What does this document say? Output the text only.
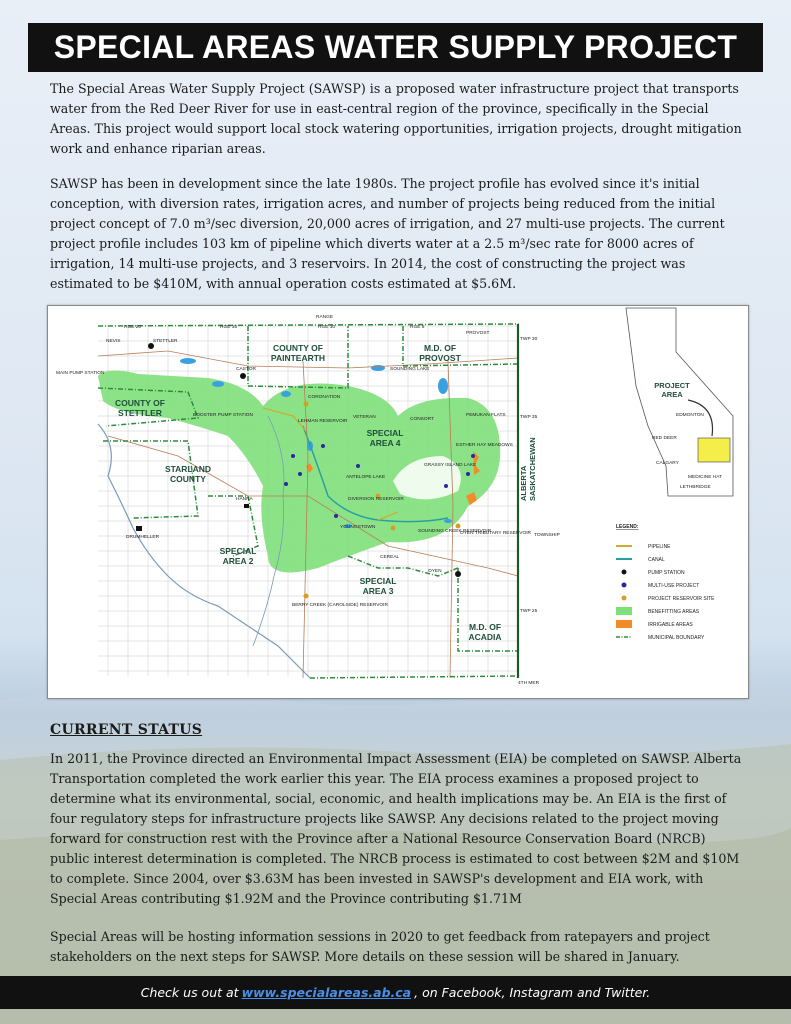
SPECIAL AREAS WATER SUPPLY PROJECT

The Special Areas Water Supply Project (SAWSP) is a proposed water infrastructure project that transports water from the Red Deer River for use in east-central region of the province, specifically in the Special Areas. This project would support local stock watering opportunities, irrigation projects, drought mitigation work and enhance riparian areas.

SAWSP has been in development since the late 1980s. The project profile has evolved since it's initial conception, with diversion rates, irrigation acres, and number of projects being reduced from the initial project concept of 7.0 m³/sec diversion, 20,000 acres of irrigation, and 27 multi-use projects. The current project profile includes 103 km of pipeline which diverts water at a 2.5 m³/sec rate for 8000 acres of irrigation, 14 multi-use projects, and 3 reservoirs. In 2014, the cost of constructing the project was estimated to be $410M, with annual operation costs estimated at $5.6M.

COUNTY OF PAINTEARTH
M.D. OF PROVOST
COUNTY OF STETTLER
STARLAND COUNTY
SPECIAL AREA 4
SPECIAL AREA 2
SPECIAL AREA 3
M.D. OF ACADIA
ALBERTASASKATCHEWAN
STETTLER
CASTOR
CORONATION
VETERAN	CONSORT
HANNA
DRUMHELLER
CEREAL
OYEN
YOUNGSTOWN
SOUNDING LAKE
PROVOST
NEVIS
MAIN PUMP STATION
BOOSTER PUMP STATION
LEHMAN RESERVOIR
ANTELOPE LAKE
DIVERSION RESERVOIR
SOUNDING CREEK RESERVOIR
OYEN TRIBUTARY RESERVOIR
BERRY CREEK (CAROLSIDE) RESERVOIR
GRASSY ISLAND LAKE
ESTHER HAY MEADOWS
PEMUKAN FLATS
RGE 20	RGE 15	RGE 10	RGE 5
RANGE
TWP 30
TWP 35
TWP 25
4TH MER
TOWNSHIP
PROJECT AREA
EDMONTON
RED DEER
CALGARY
MEDICINE HAT
LETHBRIDGE
LEGEND:
PIPELINE
CANAL
PUMP STATION
MULTI-USE PROJECT
PROJECT RESERVOIR SITE
BENEFITTING AREAS
IRRIGABLE AREAS
MUNICIPAL BOUNDARY
CURRENT STATUS

In 2011, the Province directed an Environmental Impact Assessment (EIA) be completed on SAWSP. Alberta Transportation completed the work earlier this year. The EIA process examines a proposed project to determine what its environmental, social, economic, and health implications may be. An EIA is the first of four regulatory steps for infrastructure projects like SAWSP. Any decisions related to the project moving forward for construction rest with the Province after a National Resource Conservation Board (NRCB) public interest determination is completed. The NRCB process is estimated to cost between $2M and $10M to complete. Since 2004, over $3.63M has been invested in SAWSP's development and EIA work, with Special Areas contributing $1.92M and the Province contributing $1.71M

Special Areas will be hosting information sessions in 2020 to get feedback from ratepayers and project stakeholders on the next steps for SAWSP. More details on these session will be shared in January.

Check us out at www.specialareas.ab.ca , on Facebook, Instagram and Twitter.
